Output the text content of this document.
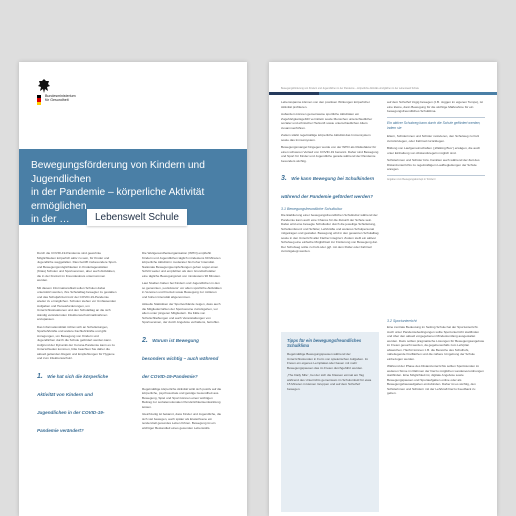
Bundesministerium
für Gesundheit
Bewegungsförderung von Kindern und Jugendlichen
in der Pandemie – körperliche Aktivität ermöglichen
in der …	Lebenswelt Schule

Durch die COVID-19-Pandemie sind gewohnte Möglichkeiten körperlich aktiv zu sein, für Kinder und Jugendliche weggefallen. Dies betrifft insbesondere Sport- und Bewegungsmöglichkeiten in Kindertagesstätten (Kitas) Schulen und Sportvereinen, aber auch Aktivitäten, die in der Freizeit im Freundeskreis unternommen werden.

Mit diesem Informationsblatt sollen Schulen dabei unterstützt werden, ihre Schulalltag bewegter zu gestalten und das Schuljahrzeit trotz der COVID-19-Pandemie wieder zu ermöglichen. Schulen stehen vor Umfassenden Aufgaben und Herausforderungen, um Unterrichtssituationen und den Schulalltag an die sich ständig verändernden Infektionsschutzmaßnahmen anzupassen.

Das Informationsblatt richtet sich an Schulleitungen, Sportlehrkräfte und andere Fachlehrkräfte und gibt Anregungen, um Bewegung von Kindern und Jugendlichen durch die Schule gefördert werden kann. Aufgrund der Dynamik der Corona-Pandemie kann es zu Unterschieden kommen, bitte beachten Sie daher die aktuell geltenden Regeln und Empfehlungen für Hygiene und zum Infektionsschutz.

1. Wie hat sich die körperliche Aktivität von Kindern und Jugendlichen in der COVID-19-Pandemie verändert?

Die Weltgesundheitsorganisation (WHO) empfiehlt Kindern und Jugendlichen täglich mindestens 60 Minuten körperliche Aktivität in moderater bis hoher Intensität. Nationale Bewegungsempfehlungen gehen sogar einen Schritt weiter und empfehlen als dem Grundschulalter eine tägliche Bewegungszeit von mindestens 90 Minuten.

Laut Studien haben bei Kindern und Jugendlichen in den so genannten „Lockdowns“ vor allem sportliche Aktivitäten in Vereinen und Freizeit sowie Bewegung zur mittleren und hohen Intensität abgenommen.

Aktuelle Statistiken der Sportverbände zeigen, dass auch die Mitgliederzahlen der Sportvereine zurückgehen, vor allem unter jüngeren Mitgliedern. Da Fälle von Schulschließungen und auch Veranstaltungen von Sportvereinen, der durch Angebote verhaltens, betroffen.

2. Warum ist Bewegung besonders wichtig – auch während der COVID-19-Pandemie?

Regelmäßige körperliche Aktivität wirkt sich positiv auf die körperliche, psychosoziale und geistige Gesundheit aus. Bewegung, Spiel und Sport können einen wichtigen Beitrag zur sozialemotionalen Persönlichkeitsentwicklung leisten.

Gleichzeitig ist bekannt, dass Kinder und Jugendliche, die sich viel bewegen, auch später als Erwachsene ein tendenziell gesundes Leben führen. Bewegung ist ein wichtiger Bestandteil eines gesunden Lebensstils.

Bewegungsförderung von Kindern und Jugendlichen in der Pandemie – körperliche Aktivität ermöglichen in der Lebenswelt Schule

Lebensspanne können von den positiven Wirkungen körperlicher Aktivität profitieren.

Außerdem können gemeinsame sportliche Aktivitäten ein Zugehörigkeitsgefühl vermitteln sowie Menschen unterschiedlicher sozialer und ethnischer Herkunft sowie unterschiedlichen Alters zusammenführen.

Zudem stärkt regelmäßige körperliche Aktivität das Immunsystem sowie das Immunsystem.

Bewegungsmangel hingegen wurde von der WHO als Risikofaktor für einen schweren Verlauf von COVID-19 benannt. Daher sind Bewegung und Sport für Kinder und Jugendliche gerade während der Pandemie besonders wichtig.

3. Wie kann Bewegung bei Schulkindern während der Pandemie gefördert werden?
3.1 Bewegungsfreundliche Schulkultur

Die Etablierung einer bewegungsfreundlichen Schulkultur während der Pandemie kann auch eine Chance für die Zukunft der Schule sein. Dabei wird eine bewegte Schulkultur durch die jeweilige Schulleitung, Schulkonferenz und Schüler, Lehrkräfte und weiteres Schulpersonal mitgetragen und gestaltet. Bewegung wird in den gesamten Schulalltag sowie in den Unterricht aller Fächer integriert. Zudem stellt ein aktiver Schulweg eine einfache Möglichkeit zur Förderung von Bewegung dar. Der Schulweg sollte zu Fuß oder ggf. mit dem Roller oder Fahrrad zurückgelegt werden.

Tipps für ein bewegungsfreundliches Schulklima

Regelmäßige Bewegungspausen während der Unterrichtsstunden in Form von spielerischen Aufgaben. Im Freien ein eigenes Lernplakat oder bauen mit mehr Bewegungspausen das im Freien durchgeführt werden.

„The Daily Mile“, bei der sich die Klassen einmal am Tag während des Unterrichts gemeinsam im Schulumfeld für etwa 15 Minuten in kleinen Gruppen und auf dem Schulhof bewegen.

auf dem Schulhof zügig bewegen (z.B. Joggen im eigenen Tempo), ist eine kleine, dann Bewegung für die wichtige Maßnahme für ein bewegungsfreundliches Schulklima.

Ein aktiver Schulweg kann durch die Schule gefördert werden, indem sie

Eltern, Schülerinnen und Schüler motivieren, den Schulweg zu Fuß zurückzulegen, oder Fahrrad zurücklegen.

Bildung von Laufgemeinschaften („Walking Bus“) erwägen, die auch unter Einhaltung von Abstandsregeln möglich sind.

Schülerinnen und Schüler bzw. Familien auch während der Zeit des Distanzunterrichts zu regelmäßigem Laufbegleitungen der Schule anregen.

Angaben zum Bewegungskonzept in 'Fördern'

3.2 Sportunterricht

Eine zentrale Bedeutung im Setting Schule hat der Sportunterricht. Auch unter Pandemiebedingungen sollte Sportunterricht stattfinden und über den aktuell vorgegebenen Mindestumfang ausgestaltet werden. Dazu sollten pragmatische Lösungen für Bewegungsangebote im Freien gesucht werden, da gegebenenfalls zum Lehrplan abweichen. Hierfür können z.B. die Bereiche des Schulhofs, naheliegende Freiflächen und die nähere Umgebung der Schule einbezogen werden.

Während der Phase des Distanzunterrichts sollten Sportstunden im weiteren Sinne im Rahmen der hierzu möglichen Landesverordnungen stattfinden. Eine Möglichkeit ist, digitale Angebote sowie Bewegungspausen und Sportaufgaben online oder als Bewegungshausaufgaben einzubinden. Daher ist es wichtig, den Schülerinnen und Schülern mit der Lehrkraft hierzu Feedback zu geben.
